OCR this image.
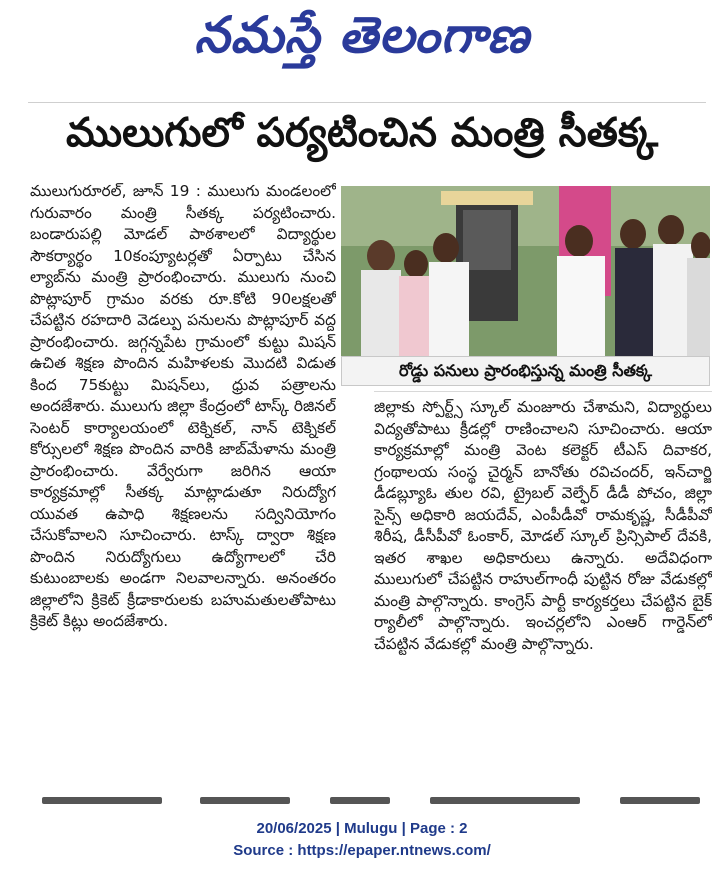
నమస్తే తెలంగాణ
ములుగులో పర్యటించిన మంత్రి సీతక్క
ములుగురూరల్, జూన్ 19 : ములుగు మండలంలో గురువారం మంత్రి సీతక్క పర్యటించారు. బండారుపల్లి మోడల్ పాఠశాలలో విద్యార్థుల సౌకర్యార్థం 10కంప్యూటర్లతో ఏర్పాటు చేసిన ల్యాబ్‌ను మంత్రి ప్రారంభించారు. ములుగు నుంచి పొట్లాపూర్ గ్రామం వరకు రూ.కోటి 90లక్షలతో చేపట్టిన రహదారి వెడల్పు పనులను పొట్లాపూర్ వద్ద ప్రారంభించారు. జగ్గన్నపేట గ్రామంలో కుట్టు మిషన్ ఉచిత శిక్షణ పొందిన మహిళలకు మొదటి విడుత కింద 75కుట్టు మిషన్‌లు, ధ్రువ పత్రాలను అందజేశారు. ములుగు జిల్లా కేంద్రంలో టాస్క్ రిజినల్ సెంటర్ కార్యాలయంలో టెక్నికల్, నాన్ టెక్నికల్ కోర్సులలో శిక్షణ పొందిన వారికి జాబ్‌మేళాను మంత్రి ప్రారంభించారు. వేర్వేరుగా జరిగిన ఆయా కార్యక్రమాల్లో సీతక్క మాట్లాడుతూ నిరుద్యోగ యువత ఉపాధి శిక్షణలను సద్వినియోగం చేసుకోవాలని సూచించారు. టాస్క్ ద్వారా శిక్షణ పొందిన నిరుద్యోగులు ఉద్యోగాలలో చేరి కుటుంబాలకు అండగా నిలవాలన్నారు. అనంతరం జిల్లాలోని క్రికెట్ క్రీడాకారులకు బహుమతులతోపాటు క్రికెట్ కిట్లు అందజేశారు.
రోడ్డు పనులు ప్రారంభిస్తున్న మంత్రి సీతక్క
జిల్లాకు స్పోర్ట్స్ స్కూల్ మంజూరు చేశామని, విద్యార్థులు విద్యతోపాటు క్రీడల్లో రాణించాలని సూచించారు. ఆయా కార్యక్రమాల్లో మంత్రి వెంట కలెక్టర్ టీఎస్ దివాకర, గ్రంథాలయ సంస్థ చైర్మన్ బానోతు రవిచందర్, ఇన్‌చార్జి డీడబ్ల్యూఓ తుల రవి, ట్రైబల్ వెల్ఫేర్ డీడీ పోచం, జిల్లా సైన్స్ అధికారి జయదేవ్, ఎంపీడీవో రామకృష్ణ, సీడీపీవో శిరీష, డీసీపీవో ఓంకార్, మోడల్ స్కూల్ ప్రిన్సిపాల్ దేవకి, ఇతర శాఖల అధికారులు ఉన్నారు. అదేవిధంగా ములుగులో చేపట్టిన రాహుల్‌గాంధీ పుట్టిన రోజు వేడుకల్లో మంత్రి పాల్గొన్నారు. కాంగ్రెస్ పార్టీ కార్యకర్తలు చేపట్టిన బైక్ ర్యాలీలో పాల్గొన్నారు. ఇంచర్లలోని ఎంఆర్ గార్డెన్‌లో చేపట్టిన వేడుకల్లో మంత్రి పాల్గొన్నారు.
20/06/2025 | Mulugu | Page : 2
Source : https://epaper.ntnews.com/
